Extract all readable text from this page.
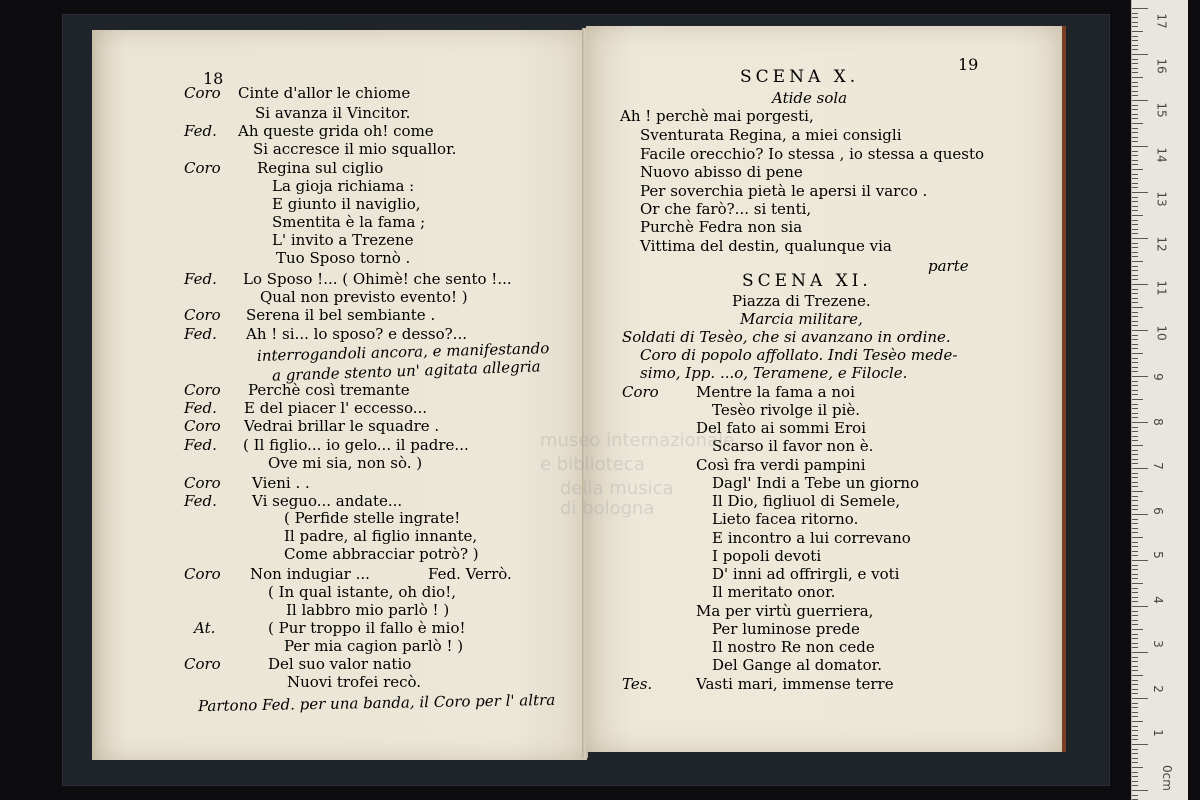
18
Coro Cinte d'allor le chiome
Si avanza il Vincitor.
Fed. Ah queste grida oh! come
Si accresce il mio squallor.
Coro Regina sul ciglio
La gioja richiama :
E giunto il naviglio,
Smentita è la fama ;
L' invito a Trezene
Tuo Sposo tornò .
Fed. Lo Sposo !... ( Ohimè! che sento !...
Qual non previsto evento! )
Coro Serena il bel sembiante .
Fed. Ah ! si... lo sposo? e desso?...
interrogandoli ancora, e manifestando
a grande stento un' agitata allegria
Coro Perchè così tremante
Fed. E del piacer l' eccesso...
Coro Vedrai brillar le squadre .
Fed. ( Il figlio... io gelo... il padre...
Ove mi sia, non sò. )
Coro Vieni . .
Fed. Vi seguo... andate...
( Perfide stelle ingrate!
Il padre, al figlio innante,
Come abbracciar potrò? )
Coro Non indugiar ...	Fed. Verrò.
( In qual istante, oh dio!,
Il labbro mio parlò ! )
At.	( Pur troppo il fallo è mio!
Per mia cagion parlò ! )
Coro	Del suo valor natio
Nuovi trofei recò.
Partono Fed. per una banda, il Coro per l' altra
19
SCENA X.
Atide sola
Ah ! perchè mai porgesti,
Sventurata Regina, a miei consigli
Facile orecchio? Io stessa , io stessa a questo
Nuovo abisso di pene
Per soverchia pietà le apersi il varco .
Or che farò?... si tenti,
Purchè Fedra non sia
Vittima del destin, qualunque via
parte
SCENA XI.
Piazza di Trezene.
Marcia militare,
Soldati di Tesèo, che si avanzano in ordine.
Coro di popolo affollato. Indi Tesèo mede-
simo, Ipp. ...o, Teramene, e Filocle.
Coro Mentre la fama a noi
Tesèo rivolge il piè.
Del fato ai sommi Eroi
Scarso il favor non è.
Così fra verdi pampini
Dagl' Indi a Tebe un giorno
Il Dio, figliuol di Semele,
Lieto facea ritorno.
E incontro a lui correvano
I popoli devoti
D' inni ad offrirgli, e voti
Il meritato onor.
Ma per virtù guerriera,
Per luminose prede
Il nostro Re non cede
Del Gange al domator.
Tes.	Vasti mari, immense terre
museo internazionale
e biblioteca
della musica
di bologna
17
16
15
14
13
12
11
10
9
8
7
6
5
4
3
2
1
0cm
